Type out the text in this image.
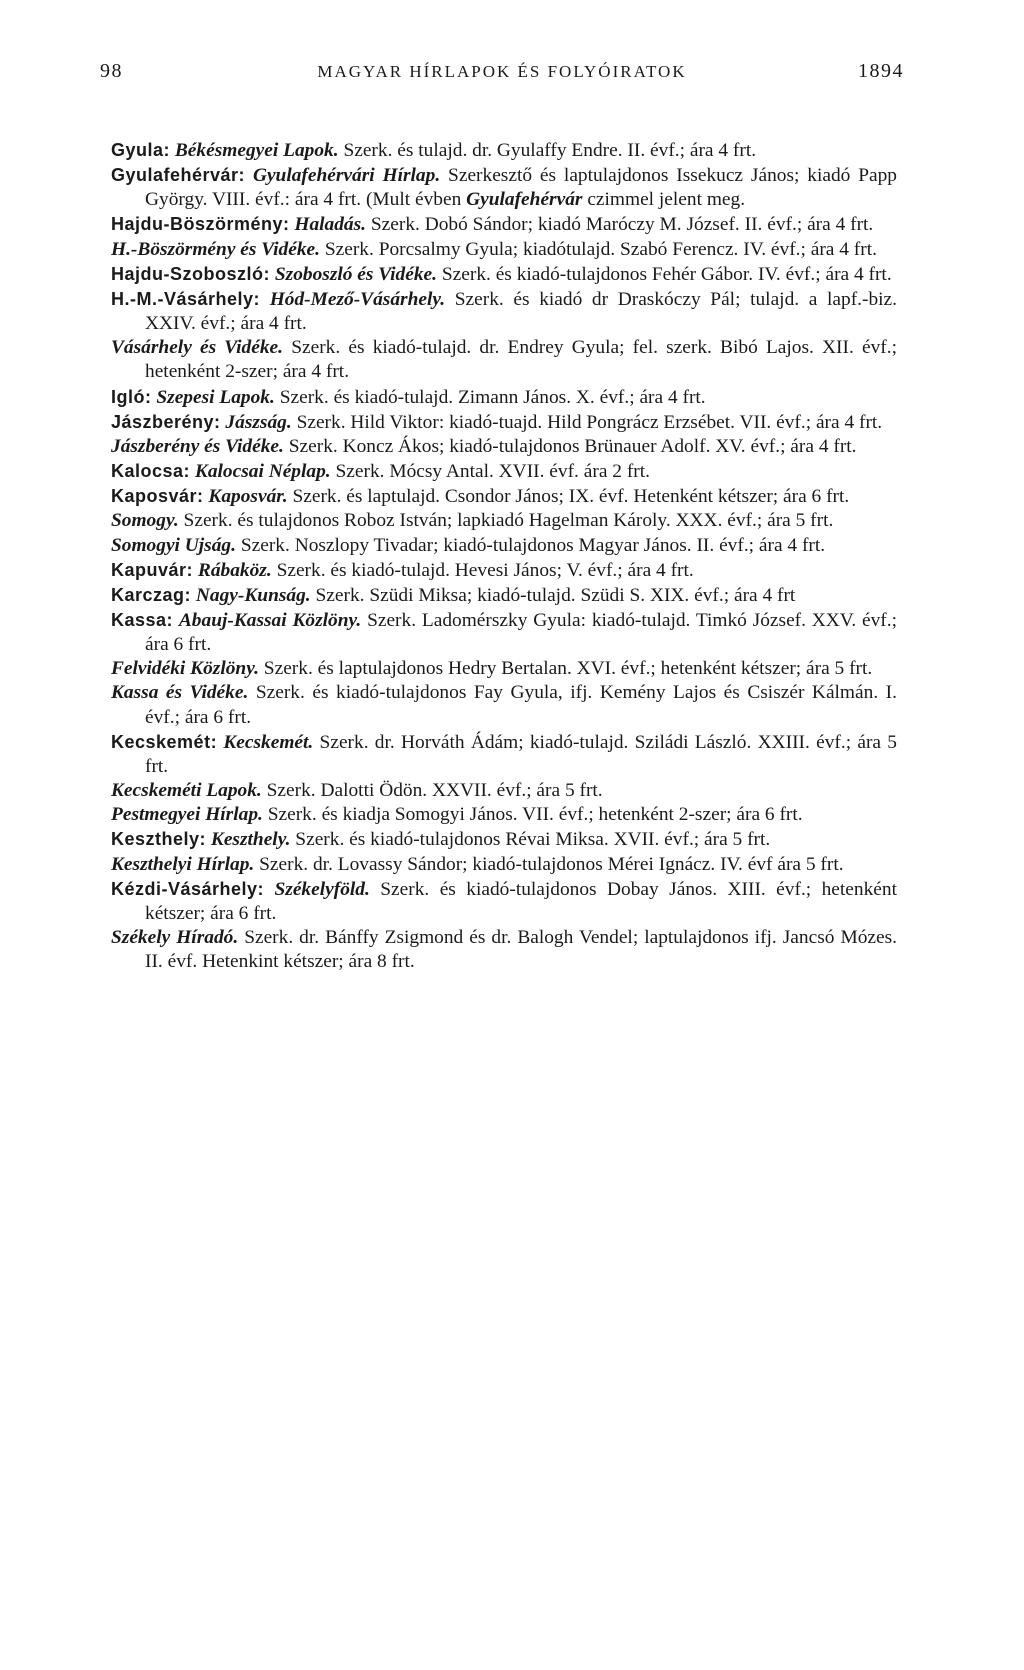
98	MAGYAR HÍRLAPOK ÉS FOLYÓIRATOK	1894
Gyula: Békésmegyei Lapok. Szerk. és tulajd. dr. Gyulaffy Endre. II. évf.; ára 4 frt.
Gyulafehérvár: Gyulafehérvári Hírlap. Szerkesztő és laptulajdonos Issekucz János; kiadó Papp György. VIII. évf.: ára 4 frt. (Mult évben Gyulafehérvár czimmel jelent meg.
Hajdu-Böszörmény: Haladás. Szerk. Dobó Sándor; kiadó Maróczy M. József. II. évf.; ára 4 frt.
H.-Böszörmény és Vidéke. Szerk. Porcsalmy Gyula; kiadótulajd. Szabó Ferencz. IV. évf.; ára 4 frt.
Hajdu-Szoboszló: Szoboszló és Vidéke. Szerk. és kiadó-tulajdonos Fehér Gábor. IV. évf.; ára 4 frt.
H.-M.-Vásárhely: Hód-Mező-Vásárhely. Szerk. és kiadó dr Draskóczy Pál; tulajd. a lapf.-biz. XXIV. évf.; ára 4 frt.
Vásárhely és Vidéke. Szerk. és kiadó-tulajd. dr. Endrey Gyula; fel. szerk. Bibó Lajos. XII. évf.; hetenként 2-szer; ára 4 frt.
Igló: Szepesi Lapok. Szerk. és kiadó-tulajd. Zimann János. X. évf.; ára 4 frt.
Jászberény: Jászság. Szerk. Hild Viktor: kiadó-tuajd. Hild Pongrácz Erzsébet. VII. évf.; ára 4 frt.
Jászberény és Vidéke. Szerk. Koncz Ákos; kiadó-tulajdonos Brünauer Adolf. XV. évf.; ára 4 frt.
Kalocsa: Kalocsai Néplap. Szerk. Mócsy Antal. XVII. évf. ára 2 frt.
Kaposvár: Kaposvár. Szerk. és laptulajd. Csondor János; IX. évf. Hetenként kétszer; ára 6 frt.
Somogy. Szerk. és tulajdonos Roboz István; lapkiadó Hagelman Károly. XXX. évf.; ára 5 frt.
Somogyi Ujság. Szerk. Noszlopy Tivadar; kiadó-tulajdonos Magyar János. II. évf.; ára 4 frt.
Kapuvár: Rábaköz. Szerk. és kiadó-tulajd. Hevesi János; V. évf.; ára 4 frt.
Karczag: Nagy-Kunság. Szerk. Szüdi Miksa; kiadó-tulajd. Szüdi S. XIX. évf.; ára 4 frt
Kassa: Abauj-Kassai Közlöny. Szerk. Ladomérszky Gyula: kiadó-tulajd. Timkó József. XXV. évf.; ára 6 frt.
Felvidéki Közlöny. Szerk. és laptulajdonos Hedry Bertalan. XVI. évf.; hetenként kétszer; ára 5 frt.
Kassa és Vidéke. Szerk. és kiadó-tulajdonos Fay Gyula, ifj. Kemény Lajos és Csiszér Kálmán. I. évf.; ára 6 frt.
Kecskemét: Kecskemét. Szerk. dr. Horváth Ádám; kiadó-tulajd. Sziládi László. XXIII. évf.; ára 5 frt.
Kecskeméti Lapok. Szerk. Dalotti Ödön. XXVII. évf.; ára 5 frt.
Pestmegyei Hírlap. Szerk. és kiadja Somogyi János. VII. évf.; hetenként 2-szer; ára 6 frt.
Keszthely: Keszthely. Szerk. és kiadó-tulajdonos Révai Miksa. XVII. évf.; ára 5 frt.
Keszthelyi Hírlap. Szerk. dr. Lovassy Sándor; kiadó-tulajdonos Mérei Ignácz. IV. évf ára 5 frt.
Kézdi-Vásárhely: Székelyföld. Szerk. és kiadó-tulajdonos Dobay János. XIII. évf.; hetenként kétszer; ára 6 frt.
Székely Híradó. Szerk. dr. Bánffy Zsigmond és dr. Balogh Vendel; laptulajdonos ifj. Jancsó Mózes. II. évf. Hetenkint kétszer; ára 8 frt.
